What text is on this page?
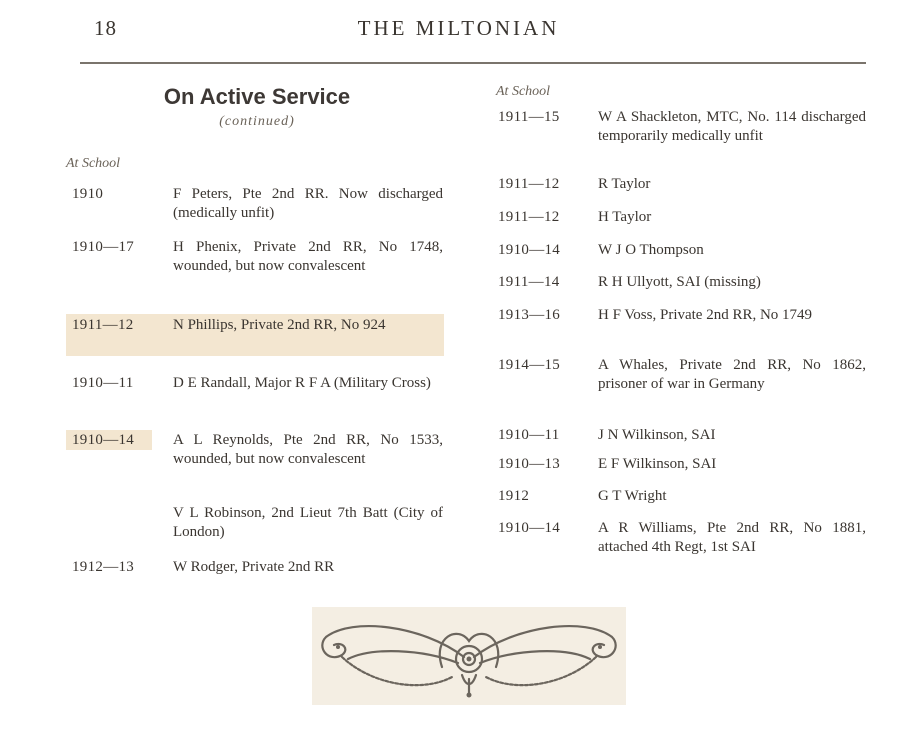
18	THE MILTONIAN
On Active Service
(continued)
At School
At School
1910	F Peters, Pte 2nd RR. Now discharged (medically unfit)
1910—17	H Phenix, Private 2nd RR, No 1748, wounded, but now convalescent
1911—12	N Phillips, Private 2nd RR, No 924
1910—11	D E Randall, Major R F A (Military Cross)
1910—14	A L Reynolds, Pte 2nd RR, No 1533, wounded, but now convalescent
V L Robinson, 2nd Lieut 7th Batt (City of London)
1912—13	W Rodger, Private 2nd RR
1911—15	W A Shackleton, MTC, No. 114 discharged temporarily medically unfit
1911—12	R Taylor
1911—12	H Taylor
1910—14	W J O Thompson
1911—14	R H Ullyott, SAI (missing)
1913—16	H F Voss, Private 2nd RR, No 1749
1914—15	A Whales, Private 2nd RR, No 1862, prisoner of war in Germany
1910—11	J N Wilkinson, SAI
1910—13	E F Wilkinson, SAI
1912	G T Wright
1910—14	A R Williams, Pte 2nd RR, No 1881, attached 4th Regt, 1st SAI
